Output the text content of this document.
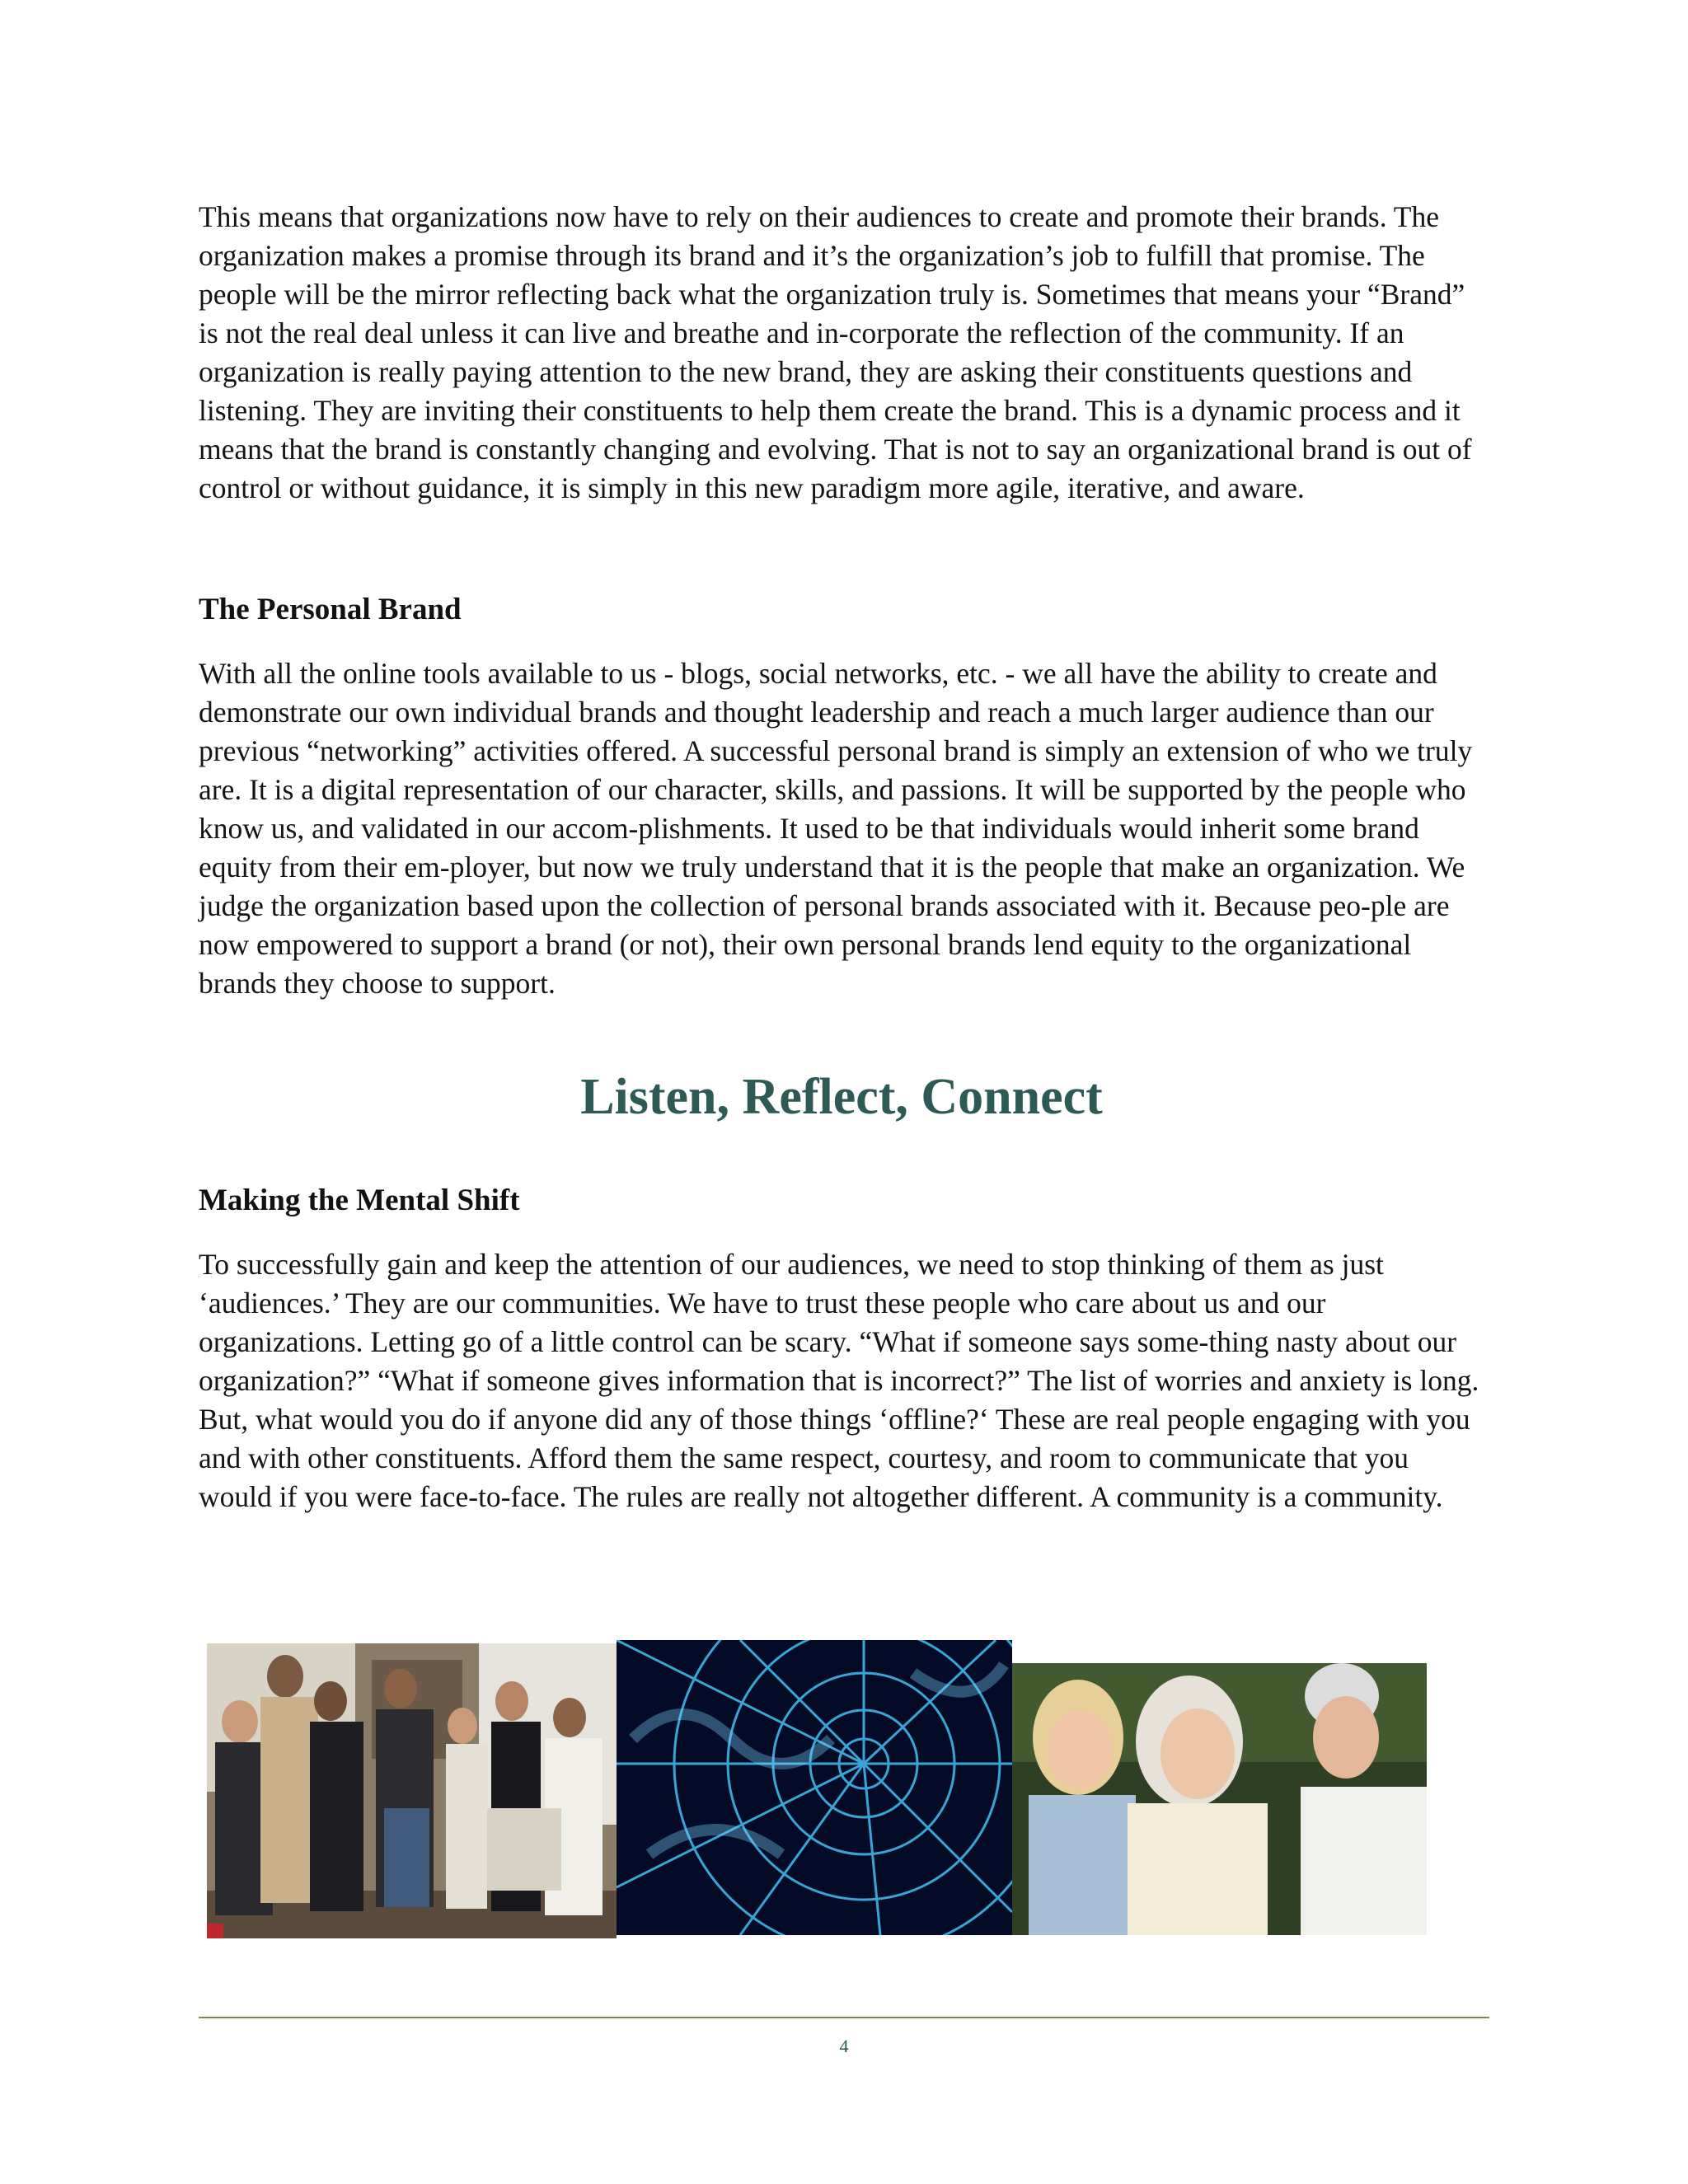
This means that organizations now have to rely on their audiences to create and promote their brands. The organization makes a promise through its brand and it’s the organization’s job to fulfill that promise. The people will be the mirror reflecting back what the organization truly is. Sometimes that means your “Brand” is not the real deal unless it can live and breathe and in-corporate the reflection of the community. If an organization is really paying attention to the new brand, they are asking their constituents questions and listening. They are inviting their constituents to help them create the brand. This is a dynamic process and it means that the brand is constantly changing and evolving. That is not to say an organizational brand is out of control or without guidance, it is simply in this new paradigm more agile, iterative, and aware.

The Personal Brand

With all the online tools available to us - blogs, social networks, etc. - we all have the ability to create and demonstrate our own individual brands and thought leadership and reach a much larger audience than our previous “networking” activities offered. A successful personal brand is simply an extension of who we truly are. It is a digital representation of our character, skills, and passions. It will be supported by the people who know us, and validated in our accom-plishments. It used to be that individuals would inherit some brand equity from their em-ployer, but now we truly understand that it is the people that make an organization. We judge the organization based upon the collection of personal brands associated with it. Because peo-ple are now empowered to support a brand (or not), their own personal brands lend equity to the organizational brands they choose to support.

Listen, Reflect, Connect
Making the Mental Shift

To successfully gain and keep the attention of our audiences, we need to stop thinking of them as just ‘audiences.’ They are our communities. We have to trust these people who care about us and our organizations. Letting go of a little control can be scary. “What if someone says some-thing nasty about our organization?” “What if someone gives information that is incorrect?” The list of worries and anxiety is long. But, what would you do if anyone did any of those things ‘offline?‘ These are real people engaging with you and with other constituents. Afford them the same respect, courtesy, and room to communicate that you would if you were face-to-face. The rules are really not altogether different. A community is a community.

4
